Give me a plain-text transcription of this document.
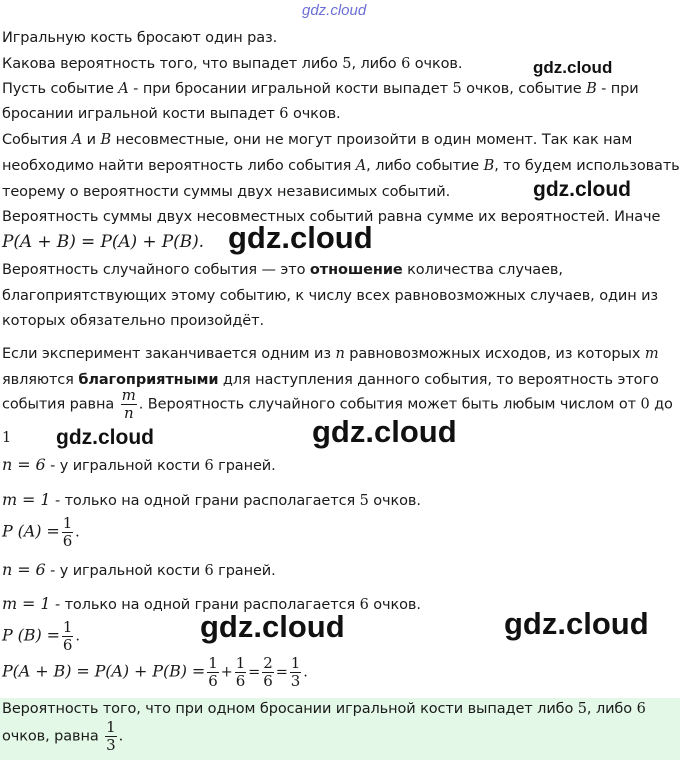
gdz.cloud
Игральную кость бросают один раз.
Какова вероятность того, что выпадет либо 5, либо 6 очков.
Пусть событие A - при бросании игральной кости выпадет 5 очков, событие B - при
бросании игральной кости выпадет 6 очков.
События A и B несовместные, они не могут произойти в один момент. Так как нам
необходимо найти вероятность либо события A, либо событие B, то будем использовать
теорему о вероятности суммы двух независимых событий.
Вероятность суммы двух несовместных событий равна сумме их вероятностей. Иначе
P(A + B) = P(A) + P(B).
Вероятность случайного события — это отношение количества случаев,
благоприятствующих этому событию, к числу всех равновозможных случаев, один из
которых обязательно произойдёт.
Если эксперимент заканчивается одним из n равновозможных исходов, из которых m
являются благоприятными для наступления данного события, то вероятность этого
события равна $\frac{m}{n}$ . Вероятность случайного события может быть любым числом от 0 до
1
n = 6 - у игральной кости 6 граней.
m = 1 - только на одной грани располагается 5 очков.
P $(A) = \frac{1}{6}$ .
n = 6 - у игральной кости 6 граней.
m = 1 - только на одной грани располагается 6 очков.
P $(B) = \frac{1}{6}$ .
$P(A + B) = P(A) + P(B) = \frac{1}{6} + \frac{1}{6} = \frac{2}{6} = \frac{1}{3}$ .
Вероятность того, что при одном бросании игральной кости выпадет либо 5, либо 6
очков, равна $\frac{1}{3}$ .
gdz.cloud
gdz.cloud
gdz.cloud
gdz.cloud	gdz.cloud
gdz.cloud	gdz.cloud
